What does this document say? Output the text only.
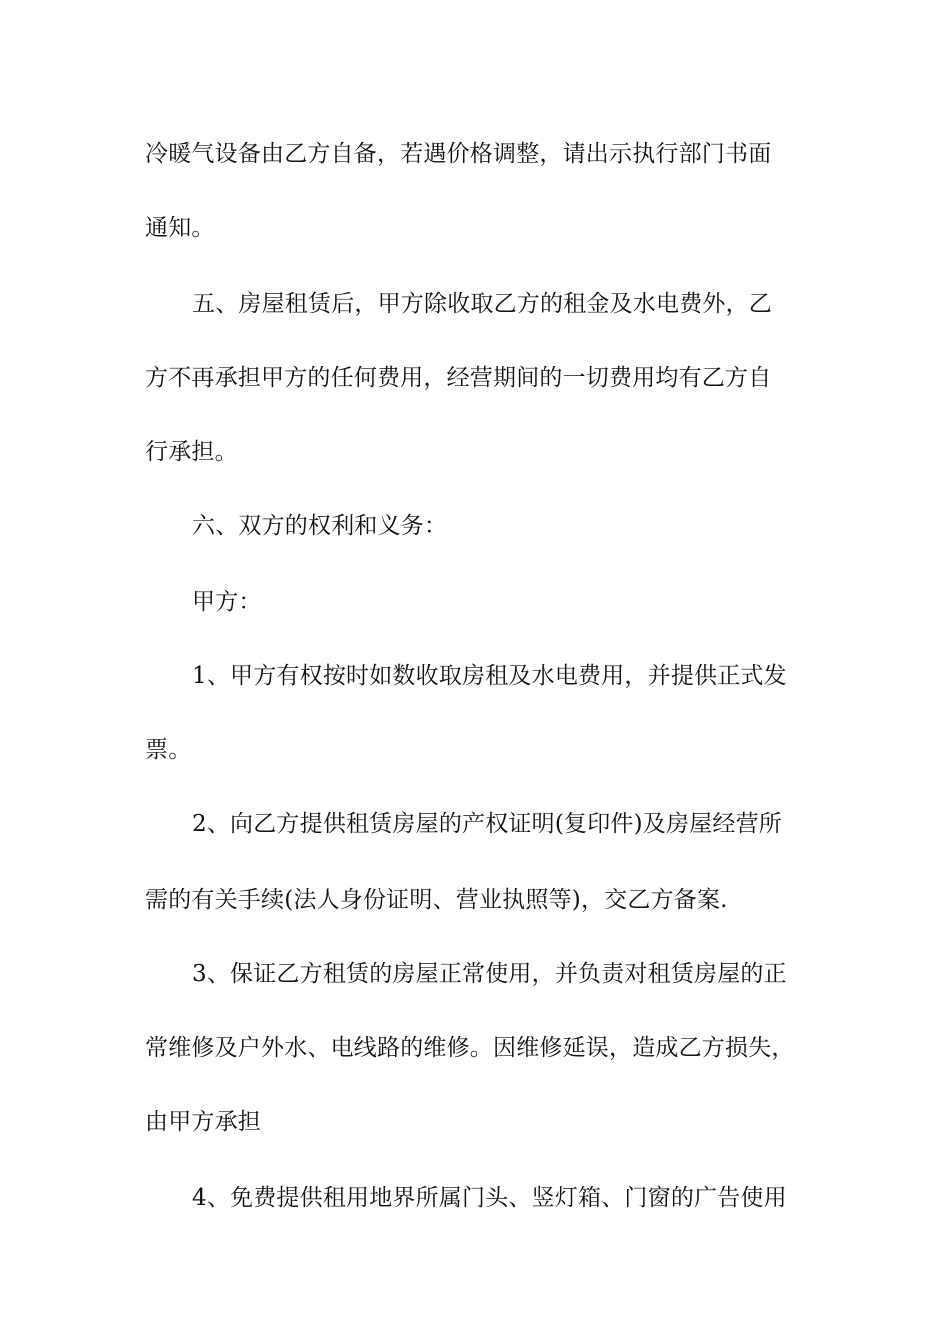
冷暖气设备由乙方自备，若遇价格调整，请出示执行部门书面
通知。
五、房屋租赁后，甲方除收取乙方的租金及水电费外，乙
方不再承担甲方的任何费用，经营期间的一切费用均有乙方自
行承担。
六、双方的权利和义务：
甲方：
1、甲方有权按时如数收取房租及水电费用，并提供正式发
票。
2、向乙方提供租赁房屋的产权证明(复印件)及房屋经营所
需的有关手续(法人身份证明、营业执照等)，交乙方备案.
3、保证乙方租赁的房屋正常使用，并负责对租赁房屋的正
常维修及户外水、电线路的维修。因维修延误，造成乙方损失，
由甲方承担
4、免费提供租用地界所属门头、竖灯箱、门窗的广告使用
